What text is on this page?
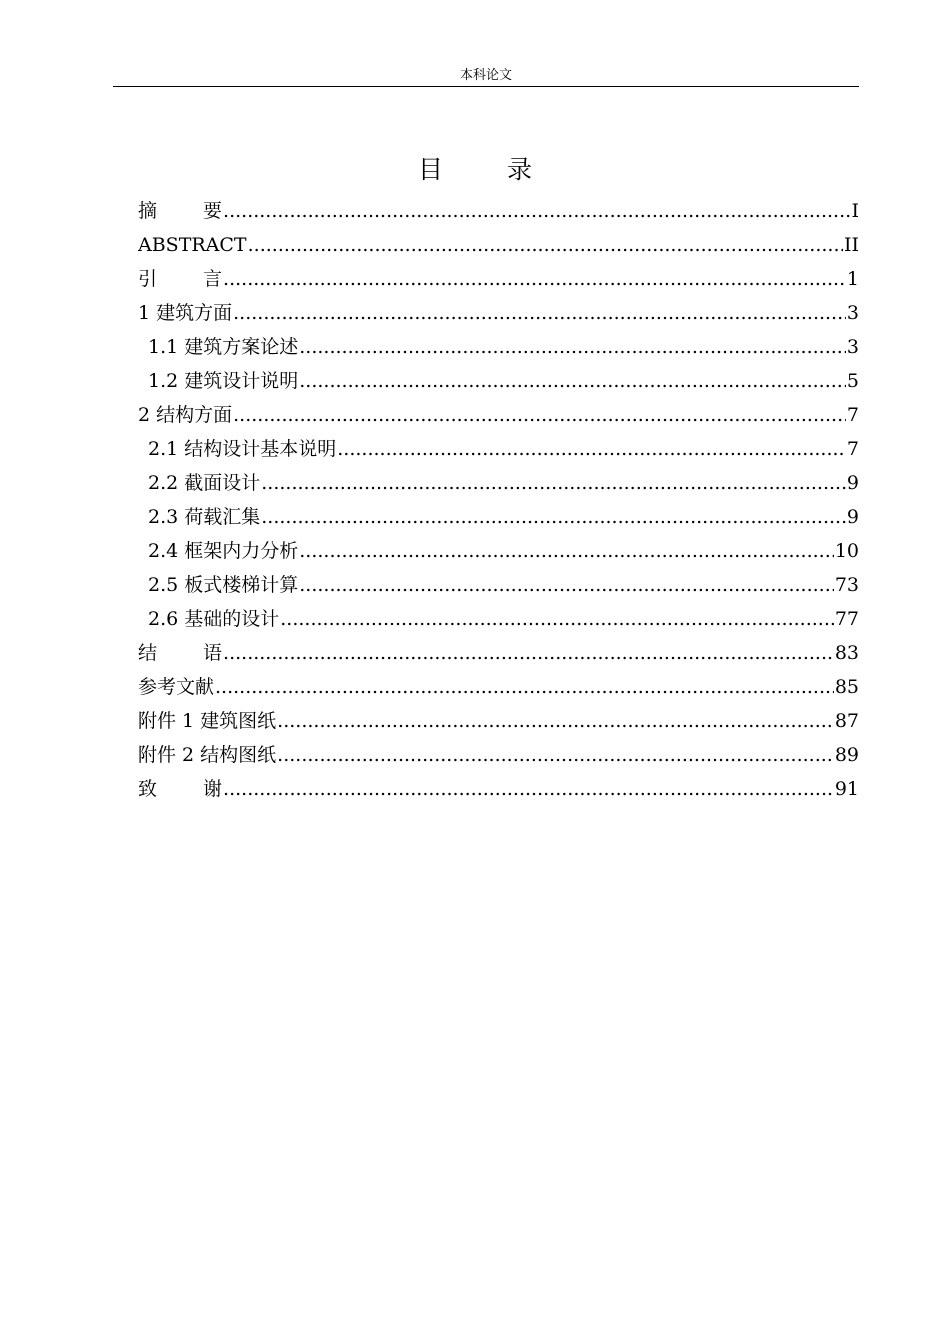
本科论文
目	录
摘 要 .....	I
ABSTRACT .....	II
引 言 .....	1
1 建筑方面 .....	3
1.1 建筑方案论述 .....	3
1.2 建筑设计说明 .....	5
2 结构方面 .....	7
2.1 结构设计基本说明 .....	7
2.2 截面设计 .....	9
2.3 荷载汇集 .....	9
2.4 框架内力分析 .....	10
2.5 板式楼梯计算 .....	73
2.6 基础的设计 .....	77
结 语 .....	83
参考文献 .....	85
附件 1 建筑图纸 .....	87
附件 2 结构图纸 .....	89
致 谢 .....	91
